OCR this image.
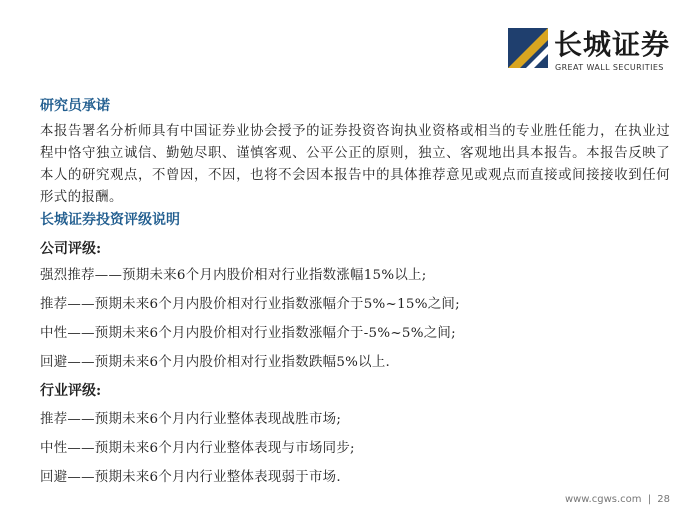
长城证券
GREAT WALL SECURITIES
研究员承诺

本报告署名分析师具有中国证券业协会授予的证券投资咨询执业资格或相当的专业胜任能力，在执业过程中恪守独立诚信、勤勉尽职、谨慎客观、公平公正的原则，独立、客观地出具本报告。本报告反映了本人的研究观点，不曾因，不因，也将不会因本报告中的具体推荐意见或观点而直接或间接接收到任何形式的报酬。

长城证券投资评级说明
公司评级:

强烈推荐——预期未来6个月内股价相对行业指数涨幅15%以上;

推荐——预期未来6个月内股价相对行业指数涨幅介于5%~15%之间;

中性——预期未来6个月内股价相对行业指数涨幅介于-5%~5%之间;

回避——预期未来6个月内股价相对行业指数跌幅5%以上.

行业评级:

推荐——预期未来6个月内行业整体表现战胜市场;

中性——预期未来6个月内行业整体表现与市场同步;

回避——预期未来6个月内行业整体表现弱于市场.

www.cgws.com | 28
